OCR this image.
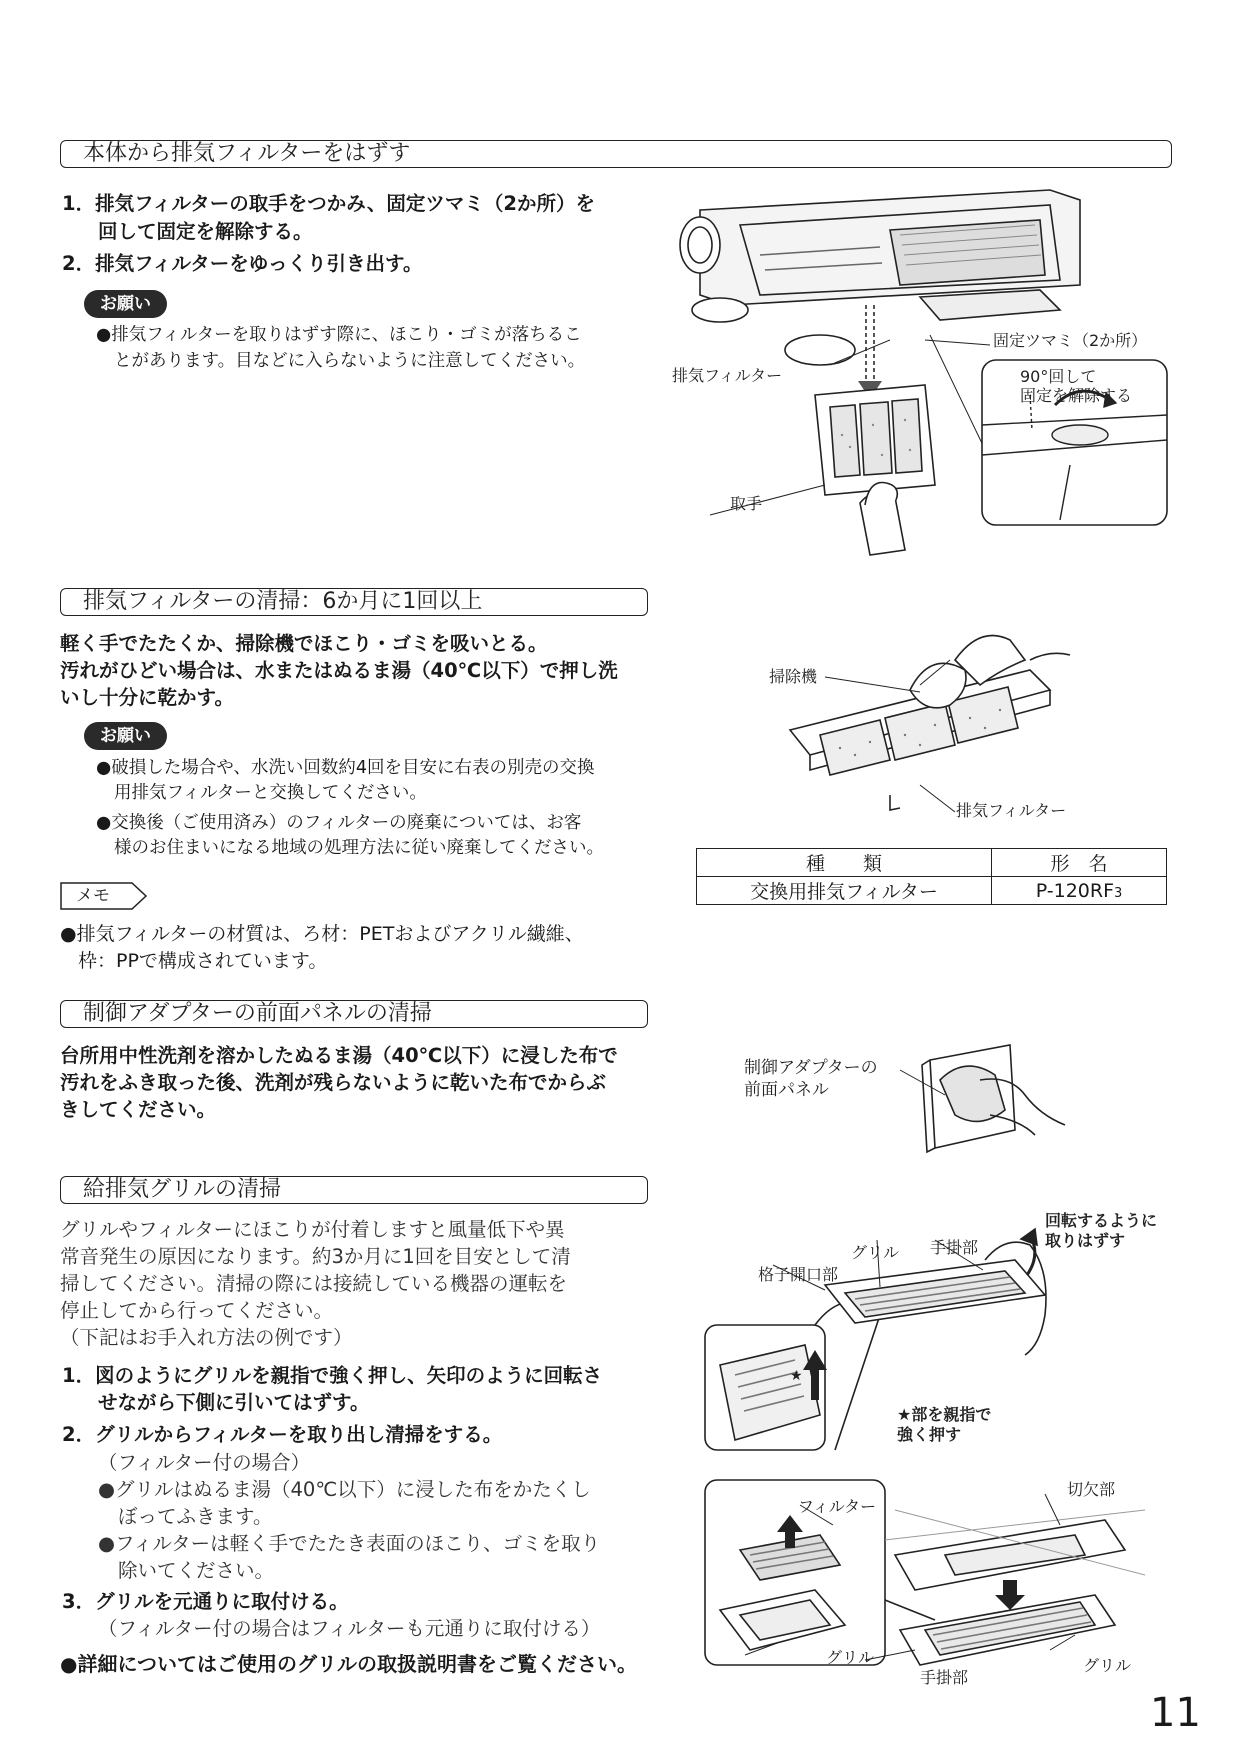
本体から排気フィルターをはずす
1．排気フィルターの取手をつかみ、固定ツマミ（2か所）を
回して固定を解除する。
2．排気フィルターをゆっくり引き出す。
お願い
●排気フィルターを取りはずす際に、ほこり・ゴミが落ちるこ
とがあります。目などに入らないように注意してください。
固定ツマミ（2か所）
90°回して
固定を解除する
排気フィルター
取手
排気フィルターの清掃：6か月に1回以上
軽く手でたたくか、掃除機でほこり・ゴミを吸いとる。
汚れがひどい場合は、水またはぬるま湯（40℃以下）で押し洗
いし十分に乾かす。
お願い
●破損した場合や、水洗い回数約4回を目安に右表の別売の交換
用排気フィルターと交換してください。
●交換後（ご使用済み）のフィルターの廃棄については、お客
様のお住まいになる地域の処理方法に従い廃棄してください。
メモ
●排気フィルターの材質は、ろ材：PETおよびアクリル繊維、
枠：PPで構成されています。
掃除機
排気フィルター
種　　類	形　名
交換用排気フィルター	P-120RF3
制御アダプターの前面パネルの清掃
台所用中性洗剤を溶かしたぬるま湯（40℃以下）に浸した布で
汚れをふき取った後、洗剤が残らないように乾いた布でからぶ
きしてください。
制御アダプターの
前面パネル
給排気グリルの清掃
グリルやフィルターにほこりが付着しますと風量低下や異
常音発生の原因になります。約3か月に1回を目安として清
掃してください。清掃の際には接続している機器の運転を
停止してから行ってください。
（下記はお手入れ方法の例です）
1．図のようにグリルを親指で強く押し、矢印のように回転さ
せながら下側に引いてはずす。
2．グリルからフィルターを取り出し清掃をする。
（フィルター付の場合）
●グリルはぬるま湯（40℃以下）に浸した布をかたくし
ぼってふきます。
●フィルターは軽く手でたたき表面のほこり、ゴミを取り
除いてください。
3．グリルを元通りに取付ける。
（フィルター付の場合はフィルターも元通りに取付ける）
●詳細についてはご使用のグリルの取扱説明書をご覧ください。
★
回転するように
取りはずす
グリル 手掛部
格子開口部
★部を親指で
強く押す
切欠部
フィルター
グリル
手掛部
グリル
11
